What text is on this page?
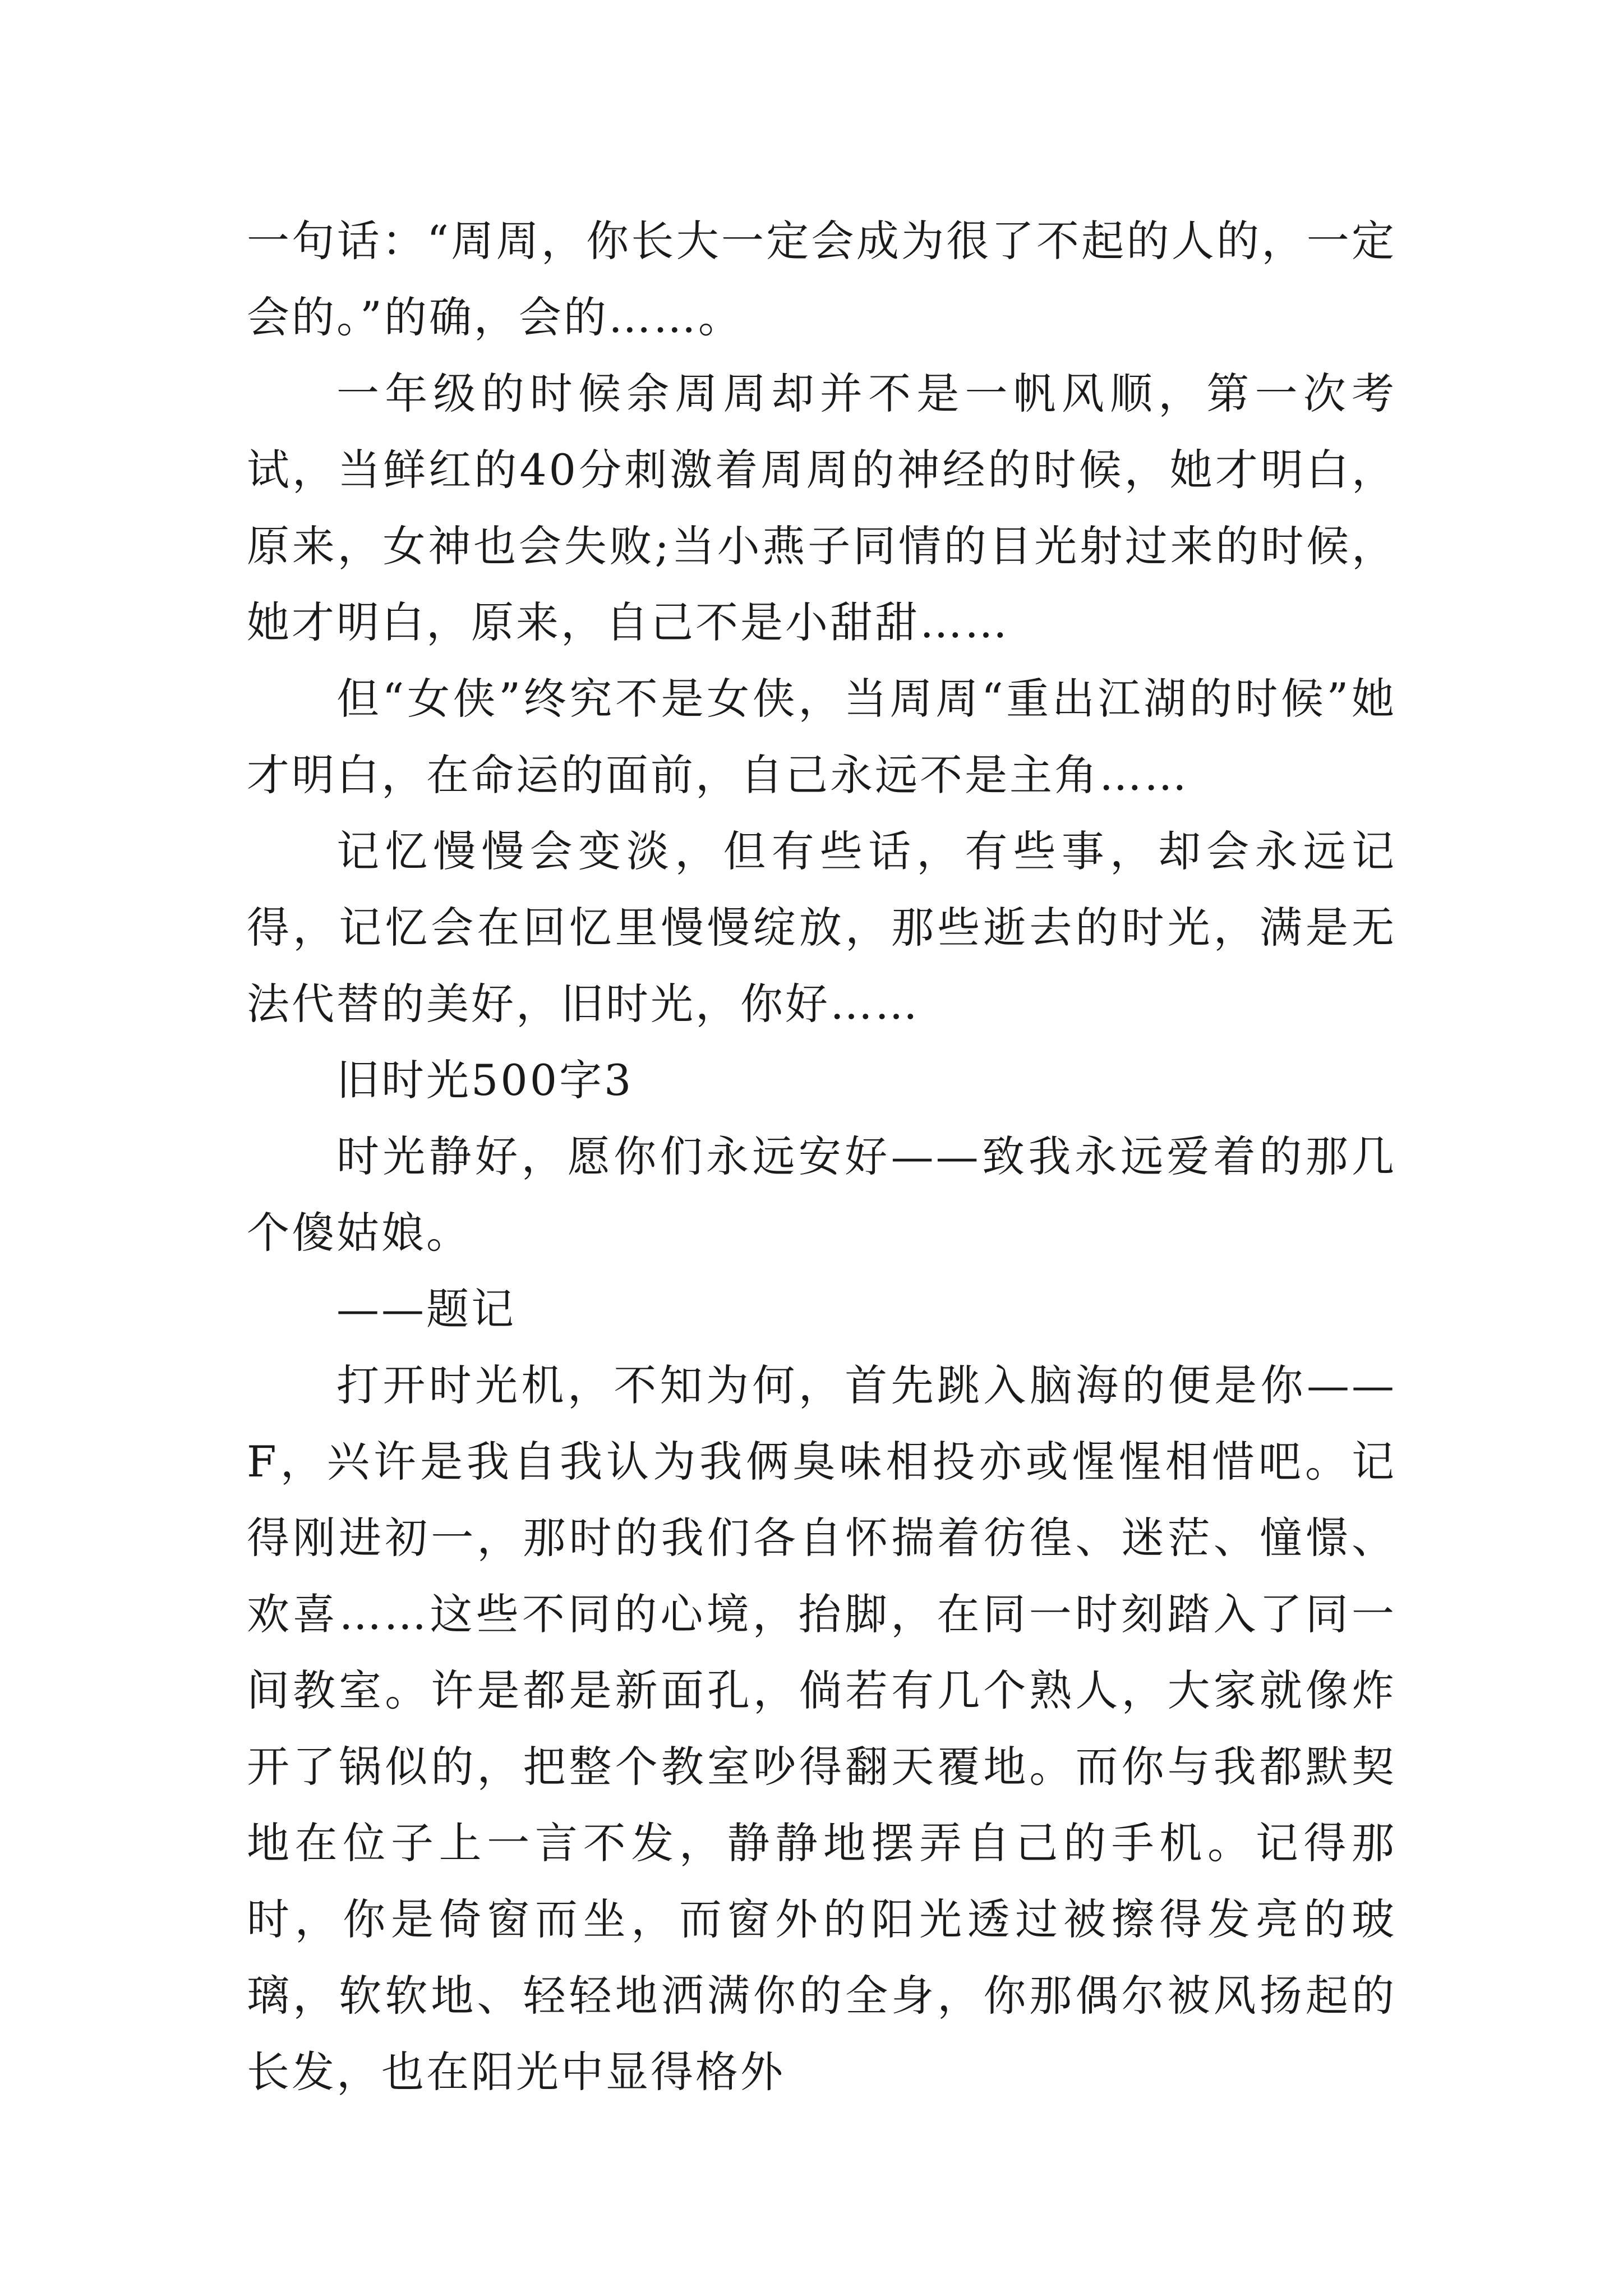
一句话：“周周，你长大一定会成为很了不起的人的，一定会的。”的确，会的……。

一年级的时候余周周却并不是一帆风顺，第一次考试，当鲜红的40分刺激着周周的神经的时候，她才明白，原来，女神也会失败;当小燕子同情的目光射过来的时候，她才明白，原来，自己不是小甜甜……

但“女侠”终究不是女侠，当周周“重出江湖的时候”她才明白，在命运的面前，自己永远不是主角……

记忆慢慢会变淡，但有些话，有些事，却会永远记得，记忆会在回忆里慢慢绽放，那些逝去的时光，满是无法代替的美好，旧时光，你好……

旧时光500字3

时光静好，愿你们永远安好——致我永远爱着的那几个傻姑娘。

——题记

打开时光机，不知为何，首先跳入脑海的便是你——F，兴许是我自我认为我俩臭味相投亦或惺惺相惜吧。记得刚进初一，那时的我们各自怀揣着彷徨、迷茫、憧憬、欢喜……这些不同的心境，抬脚，在同一时刻踏入了同一间教室。许是都是新面孔，倘若有几个熟人，大家就像炸开了锅似的，把整个教室吵得翻天覆地。而你与我都默契地在位子上一言不发，静静地摆弄自己的手机。记得那时，你是倚窗而坐，而窗外的阳光透过被擦得发亮的玻璃，软软地、轻轻地洒满你的全身，你那偶尔被风扬起的长发，也在阳光中显得格外
